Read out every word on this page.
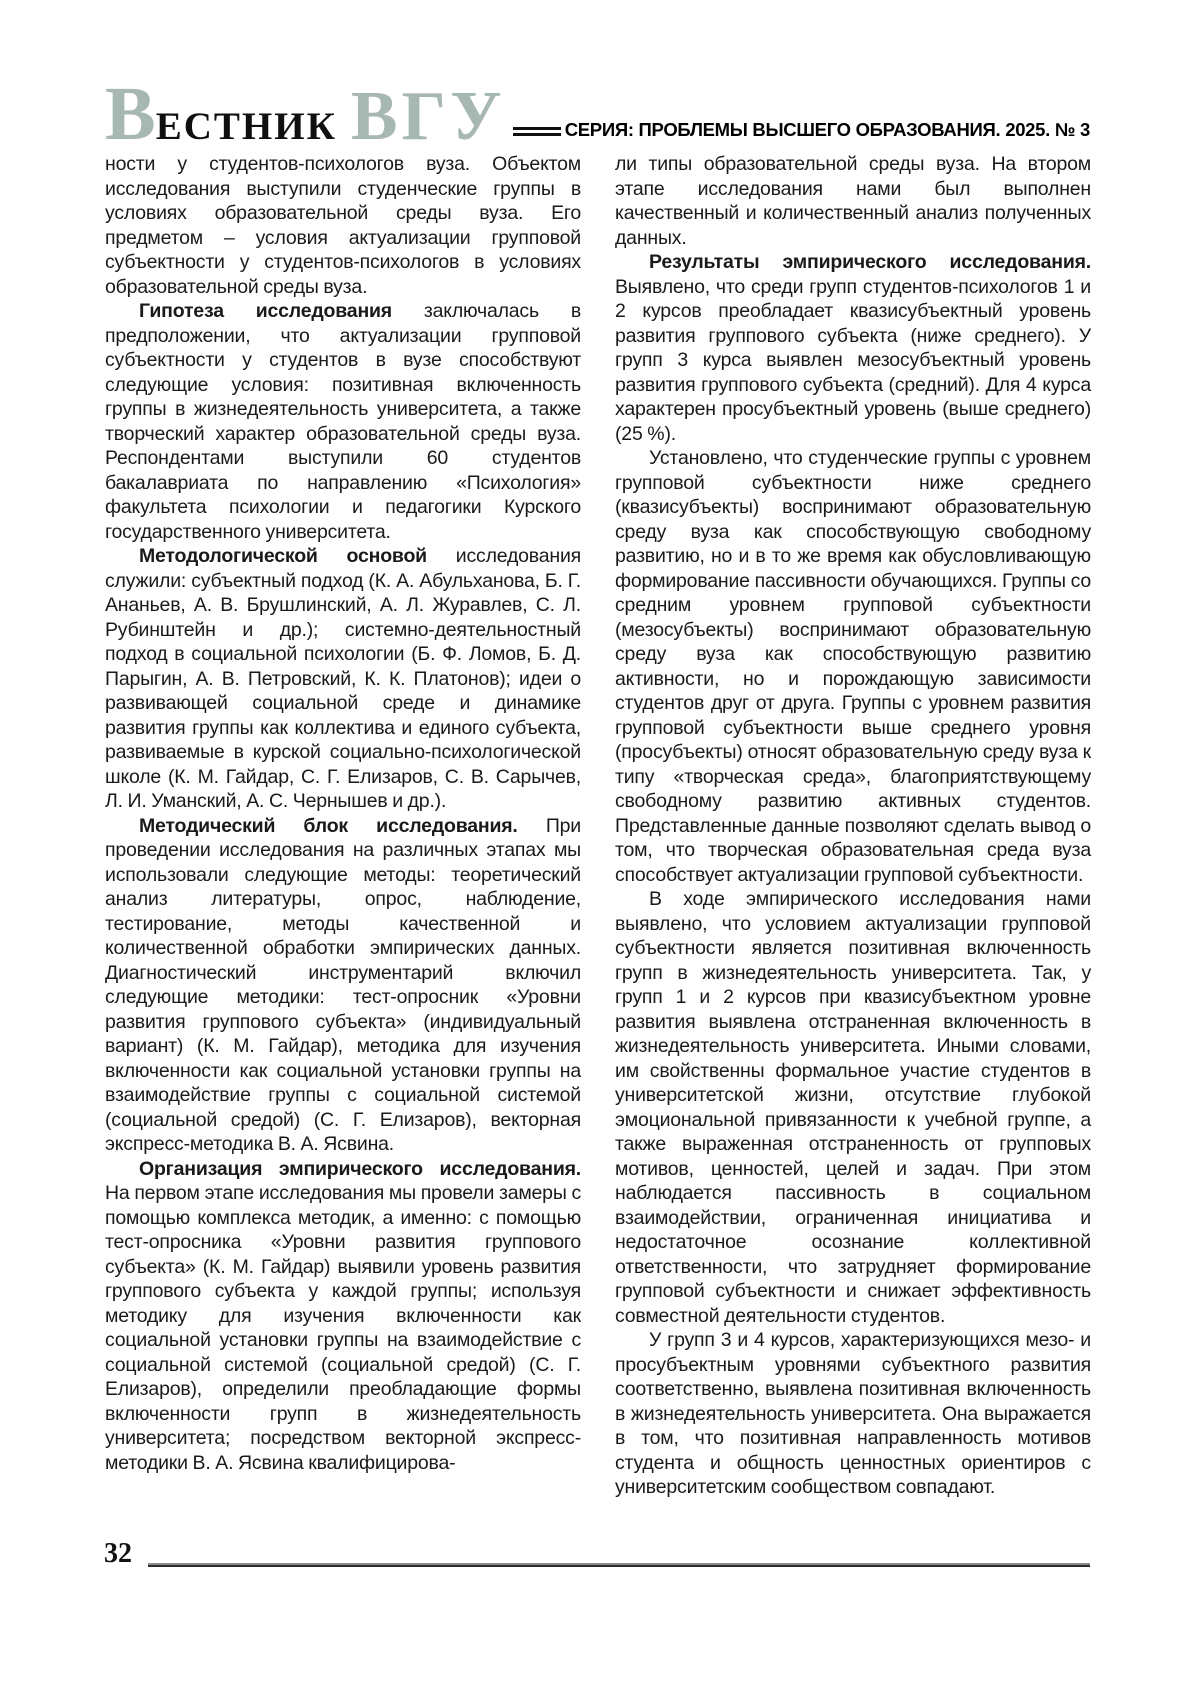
ВЕСТНИК ВГУ	СЕРИЯ: ПРОБЛЕМЫ ВЫСШЕГО ОБРАЗОВАНИЯ. 2025. № 3

ности у студентов-психологов вуза. Объектом исследования выступили студенческие группы в условиях образовательной среды вуза. Его предметом – условия актуализации групповой субъектности у студентов-психологов в условиях образовательной среды вуза.

Гипотеза исследования заключалась в предположении, что актуализации групповой субъектности у студентов в вузе способствуют следующие условия: позитивная включенность группы в жизнедеятельность университета, а также творческий характер образовательной среды вуза. Респондентами выступили 60 студентов бакалавриата по направлению «Психология» факультета психологии и педагогики Курского государственного университета.

Методологической основой исследования служили: субъектный подход (К. А. Абульханова, Б. Г. Ананьев, А. В. Брушлинский, А. Л. Журавлев, С. Л. Рубинштейн и др.); системно-деятельностный подход в социальной психологии (Б. Ф. Ломов, Б. Д. Парыгин, А. В. Петровский, К. К. Платонов); идеи о развивающей социальной среде и динамике развития группы как коллектива и единого субъекта, развиваемые в курской социально-психологической школе (К. М. Гайдар, С. Г. Елизаров, С. В. Сарычев, Л. И. Уманский, А. С. Чернышев и др.).

Методический блок исследования. При проведении исследования на различных этапах мы использовали следующие методы: теоретический анализ литературы, опрос, наблюдение, тестирование, методы качественной и количественной обработки эмпирических данных. Диагностический инструментарий включил следующие методики: тест-опросник «Уровни развития группового субъекта» (индивидуальный вариант) (К. М. Гайдар), методика для изучения включенности как социальной установки группы на взаимодействие группы с социальной системой (социальной средой) (С. Г. Елизаров), векторная экспресс-методика В. А. Ясвина.

Организация эмпирического исследования. На первом этапе исследования мы провели замеры с помощью комплекса методик, а именно: с помощью тест-опросника «Уровни развития группового субъекта» (К. М. Гайдар) выявили уровень развития группового субъекта у каждой группы; используя методику для изучения включенности как социальной установки группы на взаимодействие с социальной системой (социальной средой) (С. Г. Елизаров), определили преобладающие формы включенности групп в жизнедеятельность университета; посредством векторной экспресс-методики В. А. Ясвина квалифицирова-

ли типы образовательной среды вуза. На втором этапе исследования нами был выполнен качественный и количественный анализ полученных данных.

Результаты эмпирического исследования. Выявлено, что среди групп студентов-психологов 1 и 2 курсов преобладает квазисубъектный уровень развития группового субъекта (ниже среднего). У групп 3 курса выявлен мезосубъектный уровень развития группового субъекта (средний). Для 4 курса характерен просубъектный уровень (выше среднего) (25 %).

Установлено, что студенческие группы с уровнем групповой субъектности ниже среднего (квазисубъекты) воспринимают образовательную среду вуза как способствующую свободному развитию, но и в то же время как обусловливающую формирование пассивности обучающихся. Группы со средним уровнем групповой субъектности (мезосубъекты) воспринимают образовательную среду вуза как способствующую развитию активности, но и порождающую зависимости студентов друг от друга. Группы с уровнем развития групповой субъектности выше среднего уровня (просубъекты) относят образовательную среду вуза к типу «творческая среда», благоприятствующему свободному развитию активных студентов. Представленные данные позволяют сделать вывод о том, что творческая образовательная среда вуза способствует актуализации групповой субъектности.

В ходе эмпирического исследования нами выявлено, что условием актуализации групповой субъектности является позитивная включенность групп в жизнедеятельность университета. Так, у групп 1 и 2 курсов при квазисубъектном уровне развития выявлена отстраненная включенность в жизнедеятельность университета. Иными словами, им свойственны формальное участие студентов в университетской жизни, отсутствие глубокой эмоциональной привязанности к учебной группе, а также выраженная отстраненность от групповых мотивов, ценностей, целей и задач. При этом наблюдается пассивность в социальном взаимодействии, ограниченная инициатива и недостаточное осознание коллективной ответственности, что затрудняет формирование групповой субъектности и снижает эффективность совместной деятельности студентов.

У групп 3 и 4 курсов, характеризующихся мезо- и просубъектным уровнями субъектного развития соответственно, выявлена позитивная включенность в жизнедеятельность университета. Она выражается в том, что позитивная направленность мотивов студента и общность ценностных ориентиров с университетским сообществом совпадают.

32
